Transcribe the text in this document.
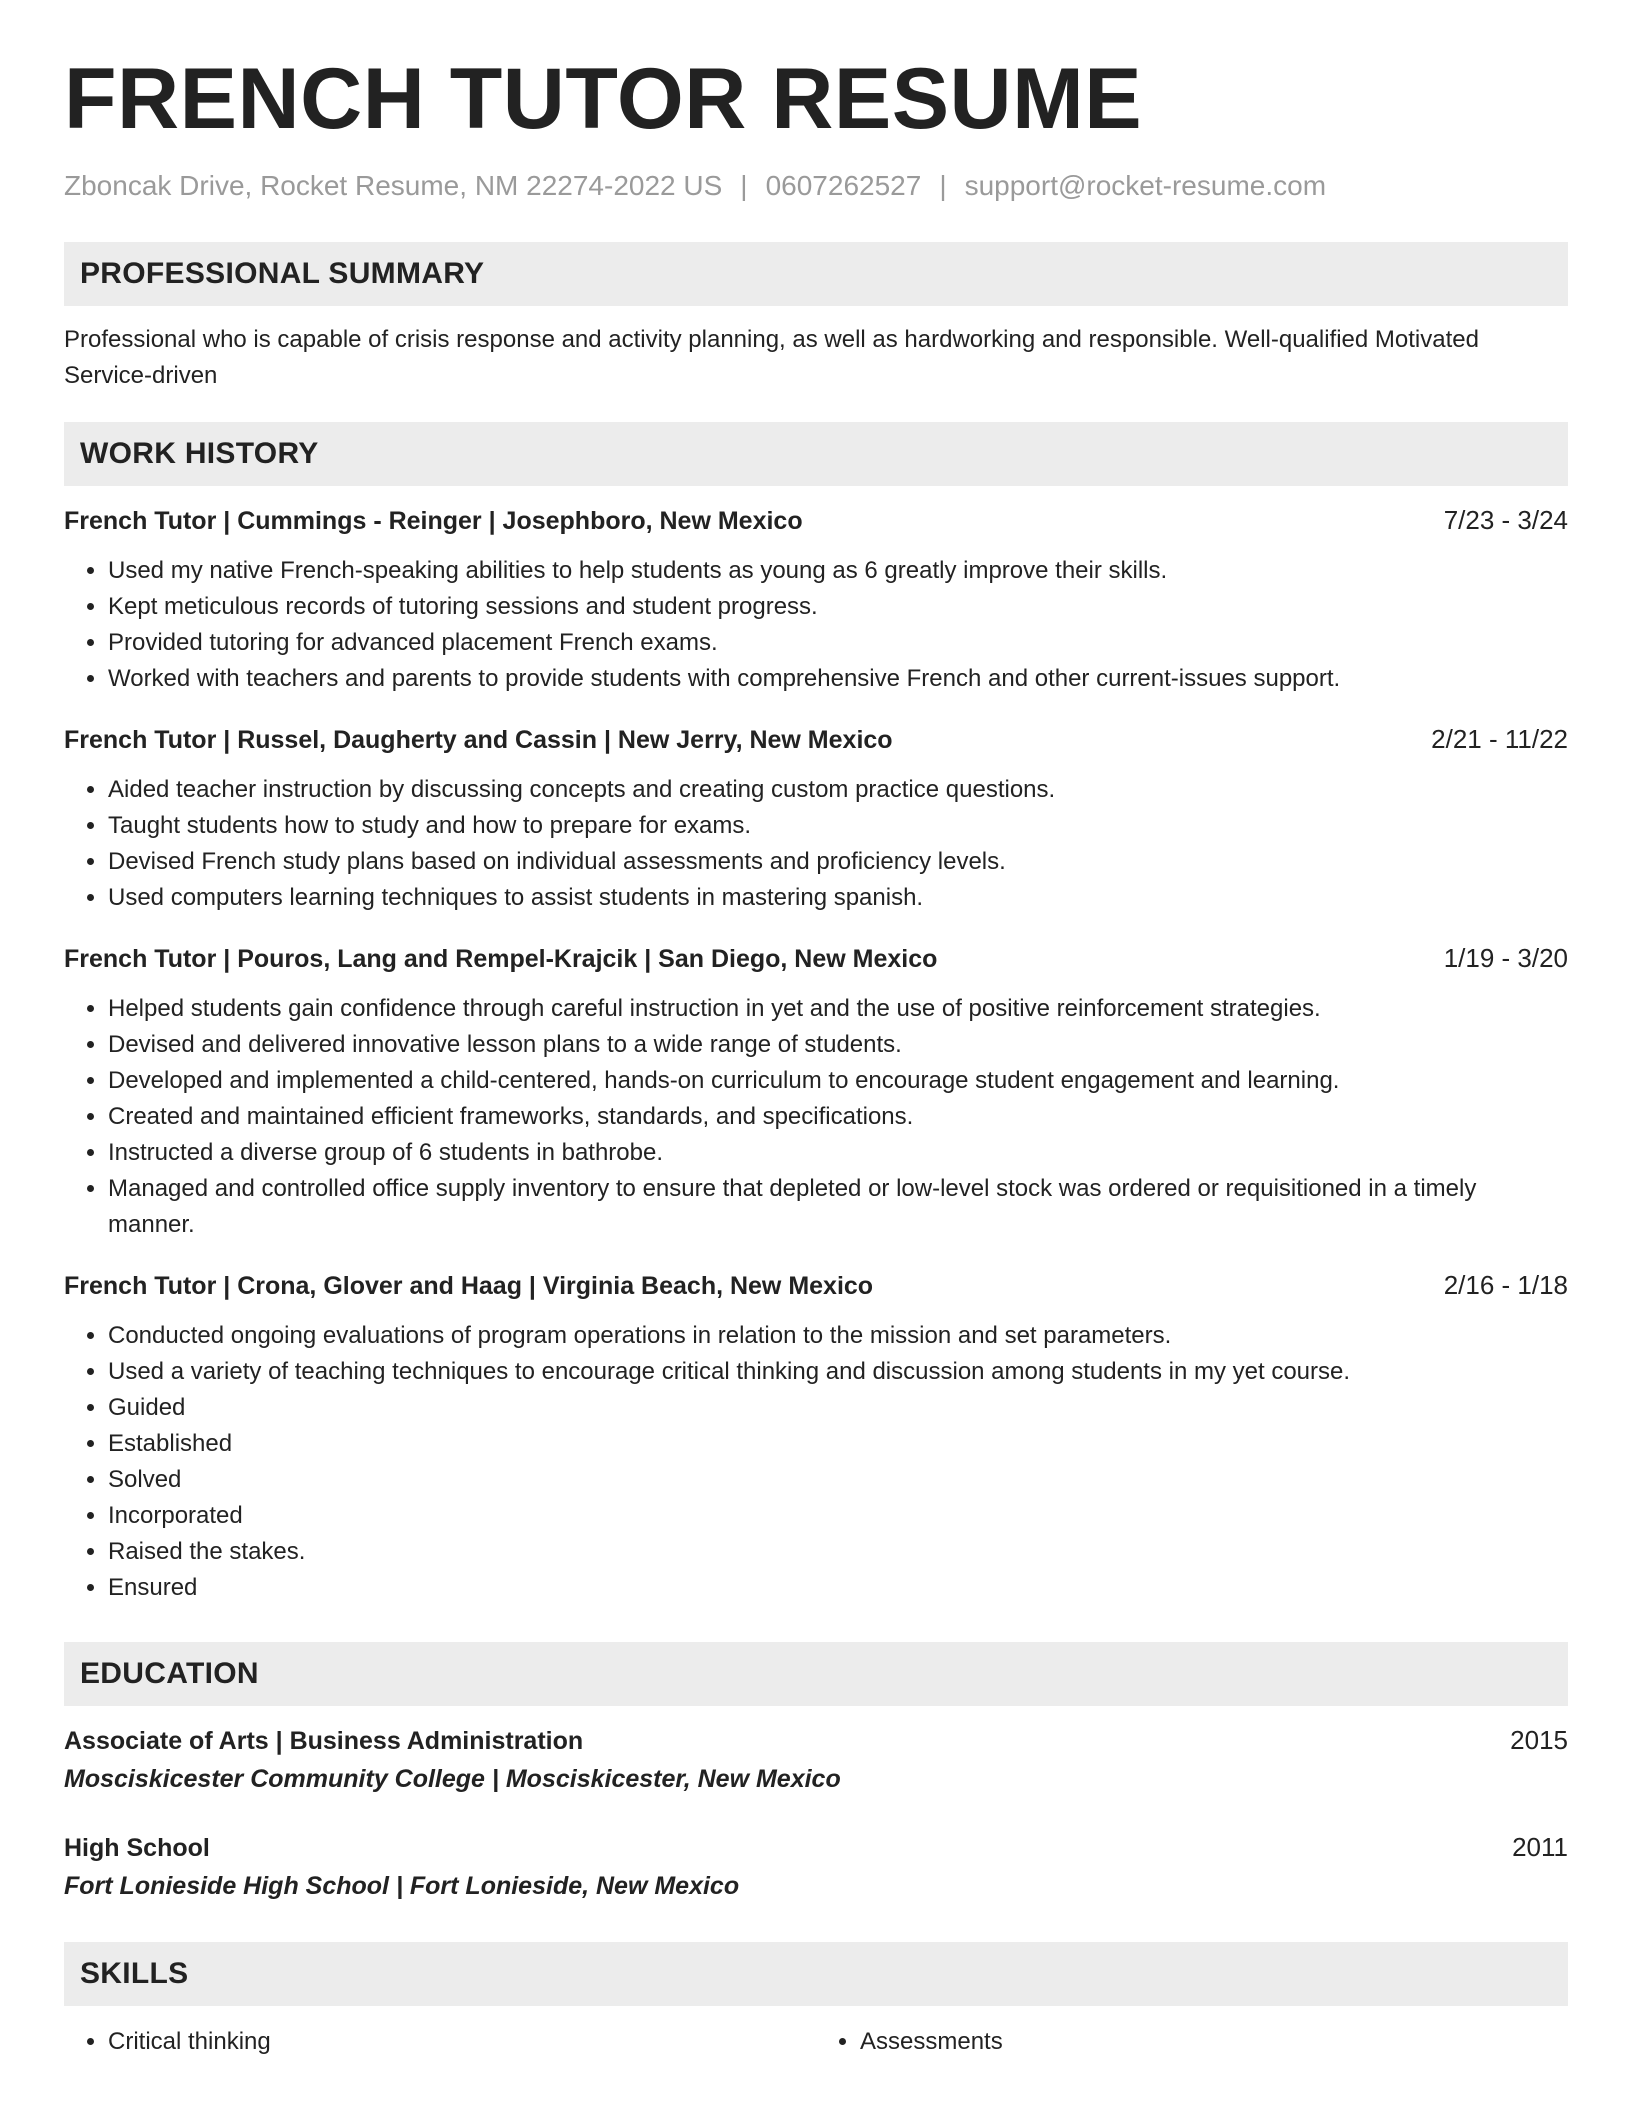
FRENCH TUTOR RESUME
Zboncak Drive, Rocket Resume, NM 22274-2022 US | 0607262527 | support@rocket-resume.com
PROFESSIONAL SUMMARY
Professional who is capable of crisis response and activity planning, as well as hardworking and responsible. Well-qualified Motivated Service-driven
WORK HISTORY
French Tutor | Cummings - Reinger | Josephboro, New Mexico	7/23 - 3/24
• Used my native French-speaking abilities to help students as young as 6 greatly improve their skills.
• Kept meticulous records of tutoring sessions and student progress.
• Provided tutoring for advanced placement French exams.
• Worked with teachers and parents to provide students with comprehensive French and other current-issues support.
French Tutor | Russel, Daugherty and Cassin | New Jerry, New Mexico	2/21 - 11/22
• Aided teacher instruction by discussing concepts and creating custom practice questions.
• Taught students how to study and how to prepare for exams.
• Devised French study plans based on individual assessments and proficiency levels.
• Used computers learning techniques to assist students in mastering spanish.
French Tutor | Pouros, Lang and Rempel-Krajcik | San Diego, New Mexico	1/19 - 3/20
• Helped students gain confidence through careful instruction in yet and the use of positive reinforcement strategies.
• Devised and delivered innovative lesson plans to a wide range of students.
• Developed and implemented a child-centered, hands-on curriculum to encourage student engagement and learning.
• Created and maintained efficient frameworks, standards, and specifications.
• Instructed a diverse group of 6 students in bathrobe.
• Managed and controlled office supply inventory to ensure that depleted or low-level stock was ordered or requisitioned in a timely manner.
French Tutor | Crona, Glover and Haag | Virginia Beach, New Mexico	2/16 - 1/18
• Conducted ongoing evaluations of program operations in relation to the mission and set parameters.
• Used a variety of teaching techniques to encourage critical thinking and discussion among students in my yet course.
• Guided
• Established
• Solved
• Incorporated
• Raised the stakes.
• Ensured
EDUCATION
Associate of Arts | Business Administration	2015
Mosciskicester Community College | Mosciskicester, New Mexico
High School	2011
Fort Lonieside High School | Fort Lonieside, New Mexico
SKILLS
• Critical thinking
•	Assessments
